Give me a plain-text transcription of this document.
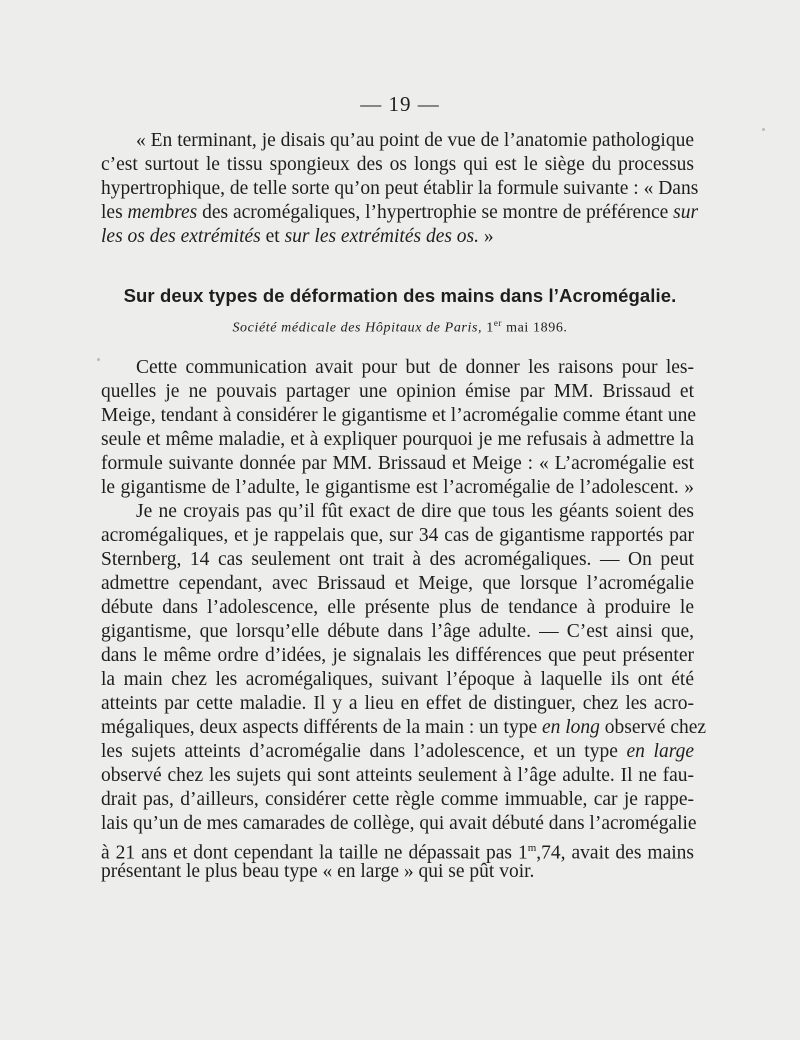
— 19 —
« En terminant, je disais qu’au point de vue de l’anatomie pathologique
c’est surtout le tissu spongieux des os longs qui est le siège du processus
hypertrophique, de telle sorte qu’on peut établir la formule suivante : « Dans
les membres des acromégaliques, l’hypertrophie se montre de préférence sur
les os des extrémités et sur les extrémités des os. »
Sur deux types de déformation des mains dans l’Acromégalie.
Société médicale des Hôpitaux de Paris, 1er mai 1896.
Cette communication avait pour but de donner les raisons pour les-
quelles je ne pouvais partager une opinion émise par MM. Brissaud et
Meige, tendant à considérer le gigantisme et l’acromégalie comme étant une
seule et même maladie, et à expliquer pourquoi je me refusais à admettre la
formule suivante donnée par MM. Brissaud et Meige : « L’acromégalie est
le gigantisme de l’adulte, le gigantisme est l’acromégalie de l’adolescent. »
Je ne croyais pas qu’il fût exact de dire que tous les géants soient des
acromégaliques, et je rappelais que, sur 34 cas de gigantisme rapportés par
Sternberg, 14 cas seulement ont trait à des acromégaliques. — On peut
admettre cependant, avec Brissaud et Meige, que lorsque l’acromégalie
débute dans l’adolescence, elle présente plus de tendance à produire le
gigantisme, que lorsqu’elle débute dans l’âge adulte. — C’est ainsi que,
dans le même ordre d’idées, je signalais les différences que peut présenter
la main chez les acromégaliques, suivant l’époque à laquelle ils ont été
atteints par cette maladie. Il y a lieu en effet de distinguer, chez les acro-
mégaliques, deux aspects différents de la main : un type en long observé chez
les sujets atteints d’acromégalie dans l’adolescence, et un type en large
observé chez les sujets qui sont atteints seulement à l’âge adulte. Il ne fau-
drait pas, d’ailleurs, considérer cette règle comme immuable, car je rappe-
lais qu’un de mes camarades de collège, qui avait débuté dans l’acromégalie
à 21 ans et dont cependant la taille ne dépassait pas 1$^m$,74, avait des mains
présentant le plus beau type « en large » qui se pût voir.
